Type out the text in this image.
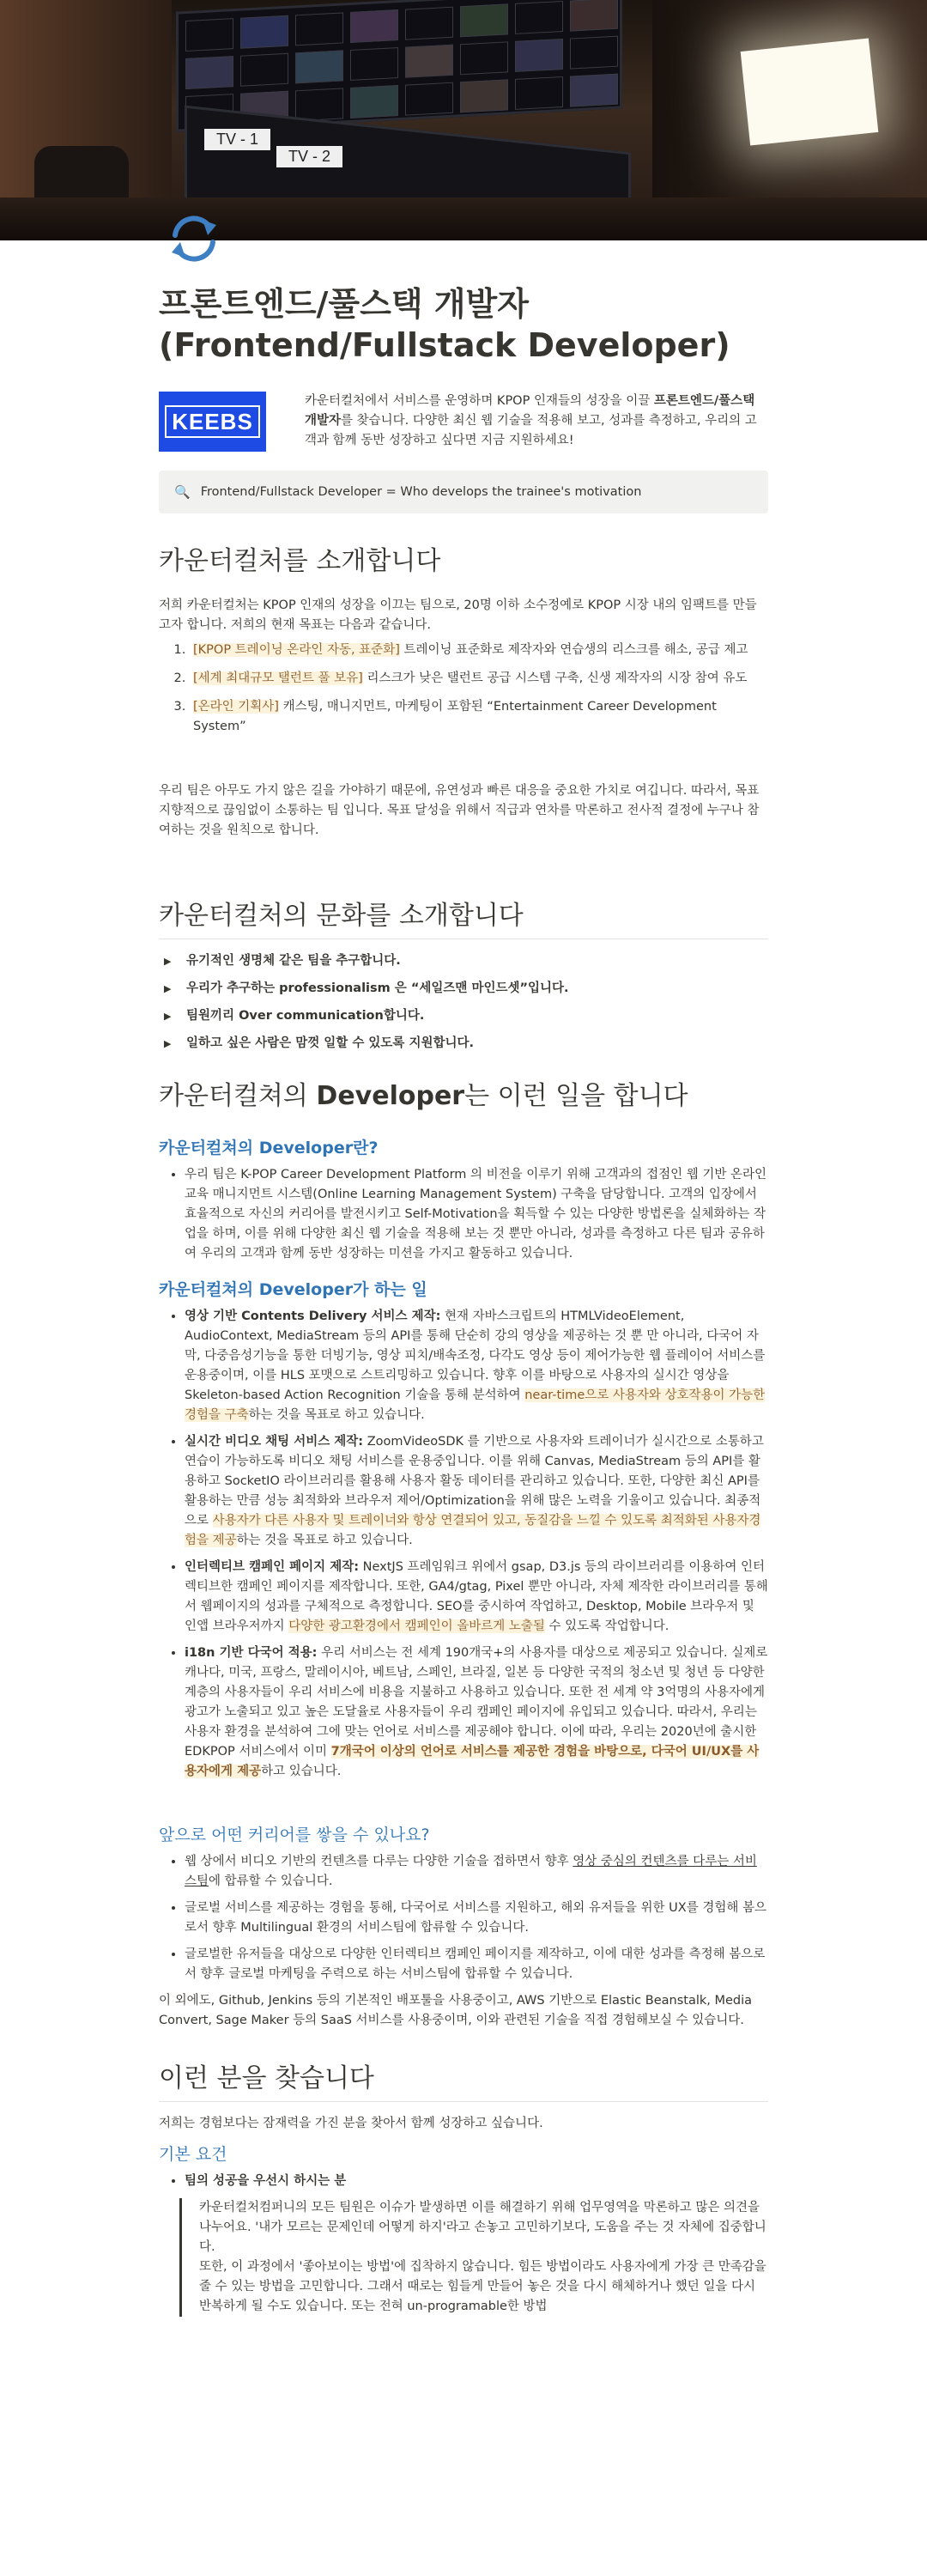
TV - 1
TV - 2
프론트엔드/풀스택 개발자 (Frontend/Fullstack Developer)
KEEBS

카운터컬처에서 서비스를 운영하며 KPOP 인재들의 성장을 이끌 프론트엔드/풀스택 개발자를 찾습니다. 다양한 최신 웹 기술을 적용해 보고, 성과를 측정하고, 우리의 고객과 함께 동반 성장하고 싶다면 지금 지원하세요!

🔍 Frontend/Fullstack Developer = Who develops the trainee's motivation
카운터컬처를 소개합니다

저희 카운터컬처는 KPOP 인재의 성장을 이끄는 팀으로, 20명 이하 소수정예로 KPOP 시장 내의 임팩트를 만들고자 합니다. 저희의 현재 목표는 다음과 같습니다.

1. [KPOP 트레이닝 온라인 자동, 표준화] 트레이닝 표준화로 제작자와 연습생의 리스크를 해소, 공급 제고
2. [세계 최대규모 탤런트 풀 보유] 리스크가 낮은 탤런트 공급 시스템 구축, 신생 제작자의 시장 참여 유도
3. [온라인 기획사] 캐스팅, 매니지먼트, 마케팅이 포함된 “Entertainment Career Development System”

우리 팀은 아무도 가지 않은 길을 가야하기 때문에, 유연성과 빠른 대응을 중요한 가치로 여깁니다. 따라서, 목표지향적으로 끊임없이 소통하는 팀 입니다. 목표 달성을 위해서 직급과 연차를 막론하고 전사적 결정에 누구나 참여하는 것을 원칙으로 합니다.

카운터컬처의 문화를 소개합니다
▶ 유기적인 생명체 같은 팀을 추구합니다.
▶ 우리가 추구하는 professionalism 은 “세일즈맨 마인드셋”입니다.
▶ 팀원끼리 Over communication합니다.
▶ 일하고 싶은 사람은 맘껏 일할 수 있도록 지원합니다.
카운터컬쳐의 Developer는 이런 일을 합니다
카운터컬쳐의 Developer란?
• 우리 팀은 K-POP Career Development Platform 의 비전을 이루기 위해 고객과의 접점인 웹 기반 온라인 교육 매니지먼트 시스템(Online Learning Management System) 구축을 담당합니다. 고객의 입장에서 효율적으로 자신의 커리어를 발전시키고 Self-Motivation을 획득할 수 있는 다양한 방법론을 실체화하는 작업을 하며, 이를 위해 다양한 최신 웹 기술을 적용해 보는 것 뿐만 아니라, 성과를 측정하고 다른 팀과 공유하여 우리의 고객과 함께 동반 성장하는 미션을 가지고 활동하고 있습니다.
카운터컬쳐의 Developer가 하는 일
• 영상 기반 Contents Delivery 서비스 제작: 현재 자바스크립트의 HTMLVideoElement, AudioContext, MediaStream 등의 API를 통해 단순히 강의 영상을 제공하는 것 뿐 만 아니라, 다국어 자막, 다중음성기능을 통한 더빙기능, 영상 피치/배속조정, 다각도 영상 등이 제어가능한 웹 플레이어 서비스를 운용중이며, 이를 HLS 포맷으로 스트리밍하고 있습니다. 향후 이를 바탕으로 사용자의 실시간 영상을 Skeleton-based Action Recognition 기술을 통해 분석하여 near-time으로 사용자와 상호작용이 가능한 경험을 구축하는 것을 목표로 하고 있습니다.
• 실시간 비디오 채팅 서비스 제작: ZoomVideoSDK 를 기반으로 사용자와 트레이너가 실시간으로 소통하고 연습이 가능하도록 비디오 채팅 서비스를 운용중입니다. 이를 위해 Canvas, MediaStream 등의 API를 활용하고 SocketIO 라이브러리를 활용해 사용자 활동 데이터를 관리하고 있습니다. 또한, 다양한 최신 API를 활용하는 만큼 성능 최적화와 브라우저 제어/Optimization을 위해 많은 노력을 기울이고 있습니다. 최종적으로 사용자가 다른 사용자 및 트레이너와 항상 연결되어 있고, 동질감을 느낄 수 있도록 최적화된 사용자경험을 제공하는 것을 목표로 하고 있습니다.
• 인터렉티브 캠페인 페이지 제작: NextJS 프레임워크 위에서 gsap, D3.js 등의 라이브러리를 이용하여 인터렉티브한 캠페인 페이지를 제작합니다. 또한, GA4/gtag, Pixel 뿐만 아니라, 자체 제작한 라이브러리를 통해서 웹페이지의 성과를 구체적으로 측정합니다. SEO를 중시하여 작업하고, Desktop, Mobile 브라우저 및 인앱 브라우저까지 다양한 광고환경에서 캠페인이 올바르게 노출될 수 있도록 작업합니다.
• i18n 기반 다국어 적용: 우리 서비스는 전 세계 190개국+의 사용자를 대상으로 제공되고 있습니다. 실제로 캐나다, 미국, 프랑스, 말레이시아, 베트남, 스페인, 브라질, 일본 등 다양한 국적의 청소년 및 청년 등 다양한 계층의 사용자들이 우리 서비스에 비용을 지불하고 사용하고 있습니다. 또한 전 세계 약 3억명의 사용자에게 광고가 노출되고 있고 높은 도달율로 사용자들이 우리 캠페인 페이지에 유입되고 있습니다. 따라서, 우리는 사용자 환경을 분석하여 그에 맞는 언어로 서비스를 제공해야 합니다. 이에 따라, 우리는 2020년에 출시한 EDKPOP 서비스에서 이미 7개국어 이상의 언어로 서비스를 제공한 경험을 바탕으로, 다국어 UI/UX를 사용자에게 제공하고 있습니다.
앞으로 어떤 커리어를 쌓을 수 있나요?
• 웹 상에서 비디오 기반의 컨텐츠를 다루는 다양한 기술을 접하면서 향후 영상 중심의 컨텐츠를 다루는 서비스팀에 합류할 수 있습니다.
• 글로벌 서비스를 제공하는 경험을 통해, 다국어로 서비스를 지원하고, 해외 유저들을 위한 UX를 경험해 봄으로서 향후 Multilingual 환경의 서비스팀에 합류할 수 있습니다.
• 글로벌한 유저들을 대상으로 다양한 인터렉티브 캠페인 페이지를 제작하고, 이에 대한 성과를 측정해 봄으로서 향후 글로벌 마케팅을 주력으로 하는 서비스팀에 합류할 수 있습니다.

이 외에도, Github, Jenkins 등의 기본적인 배포툴을 사용중이고, AWS 기반으로 Elastic Beanstalk, Media Convert, Sage Maker 등의 SaaS 서비스를 사용중이며, 이와 관련된 기술을 직접 경험해보실 수 있습니다.

이런 분을 찾습니다

저희는 경험보다는 잠재력을 가진 분을 찾아서 함께 성장하고 싶습니다.

기본 요건
• 팀의 성공을 우선시 하시는 분

카운터컬처컴퍼니의 모든 팀원은 이슈가 발생하면 이를 해결하기 위해 업무영역을 막론하고 많은 의견을 나누어요. '내가 모르는 문제인데 어떻게 하지'라고 손놓고 고민하기보다, 도움을 주는 것 자체에 집중합니다.

또한, 이 과정에서 '좋아보이는 방법'에 집착하지 않습니다. 힘든 방법이라도 사용자에게 가장 큰 만족감을 줄 수 있는 방법을 고민합니다. 그래서 때로는 힘들게 만들어 놓은 것을 다시 해체하거나 했던 일을 다시 반복하게 될 수도 있습니다. 또는 전혀 un-programable한 방법
